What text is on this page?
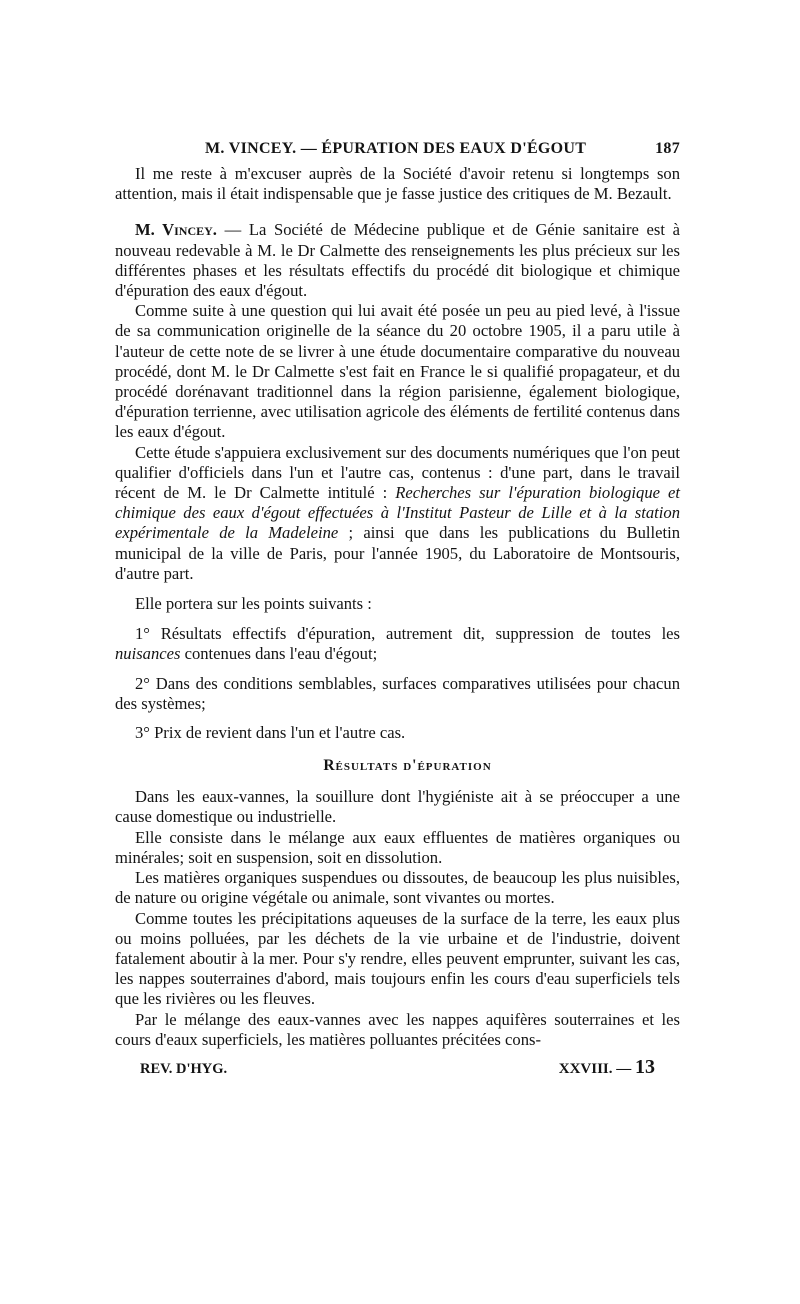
M. VINCEY. — ÉPURATION DES EAUX D'ÉGOUT	187

Il me reste à m'excuser auprès de la Société d'avoir retenu si longtemps son attention, mais il était indispensable que je fasse justice des critiques de M. Bezault.

M. Vincey. — La Société de Médecine publique et de Génie sanitaire est à nouveau redevable à M. le Dr Calmette des renseignements les plus précieux sur les différentes phases et les résultats effectifs du procédé dit biologique et chimique d'épuration des eaux d'égout.

Comme suite à une question qui lui avait été posée un peu au pied levé, à l'issue de sa communication originelle de la séance du 20 octobre 1905, il a paru utile à l'auteur de cette note de se livrer à une étude documentaire comparative du nouveau procédé, dont M. le Dr Calmette s'est fait en France le si qualifié propagateur, et du procédé dorénavant traditionnel dans la région parisienne, également biologique, d'épuration terrienne, avec utilisation agricole des éléments de fertilité contenus dans les eaux d'égout.

Cette étude s'appuiera exclusivement sur des documents numériques que l'on peut qualifier d'officiels dans l'un et l'autre cas, contenus : d'une part, dans le travail récent de M. le Dr Calmette intitulé : Recherches sur l'épuration biologique et chimique des eaux d'égout effectuées à l'Institut Pasteur de Lille et à la station expérimentale de la Madeleine ; ainsi que dans les publications du Bulletin municipal de la ville de Paris, pour l'année 1905, du Laboratoire de Montsouris, d'autre part.

Elle portera sur les points suivants :

1° Résultats effectifs d'épuration, autrement dit, suppression de toutes les nuisances contenues dans l'eau d'égout;

2° Dans des conditions semblables, surfaces comparatives utilisées pour chacun des systèmes;

3° Prix de revient dans l'un et l'autre cas.

Résultats d'épuration

Dans les eaux-vannes, la souillure dont l'hygiéniste ait à se préoccuper a une cause domestique ou industrielle.

Elle consiste dans le mélange aux eaux effluentes de matières organiques ou minérales; soit en suspension, soit en dissolution.

Les matières organiques suspendues ou dissoutes, de beaucoup les plus nuisibles, de nature ou origine végétale ou animale, sont vivantes ou mortes.

Comme toutes les précipitations aqueuses de la surface de la terre, les eaux plus ou moins polluées, par les déchets de la vie urbaine et de l'industrie, doivent fatalement aboutir à la mer. Pour s'y rendre, elles peuvent emprunter, suivant les cas, les nappes souterraines d'abord, mais toujours enfin les cours d'eau superficiels tels que les rivières ou les fleuves.

Par le mélange des eaux-vannes avec les nappes aquifères souterraines et les cours d'eaux superficiels, les matières polluantes précitées cons-

REV. D'HYG.	XXVIII. — 13
